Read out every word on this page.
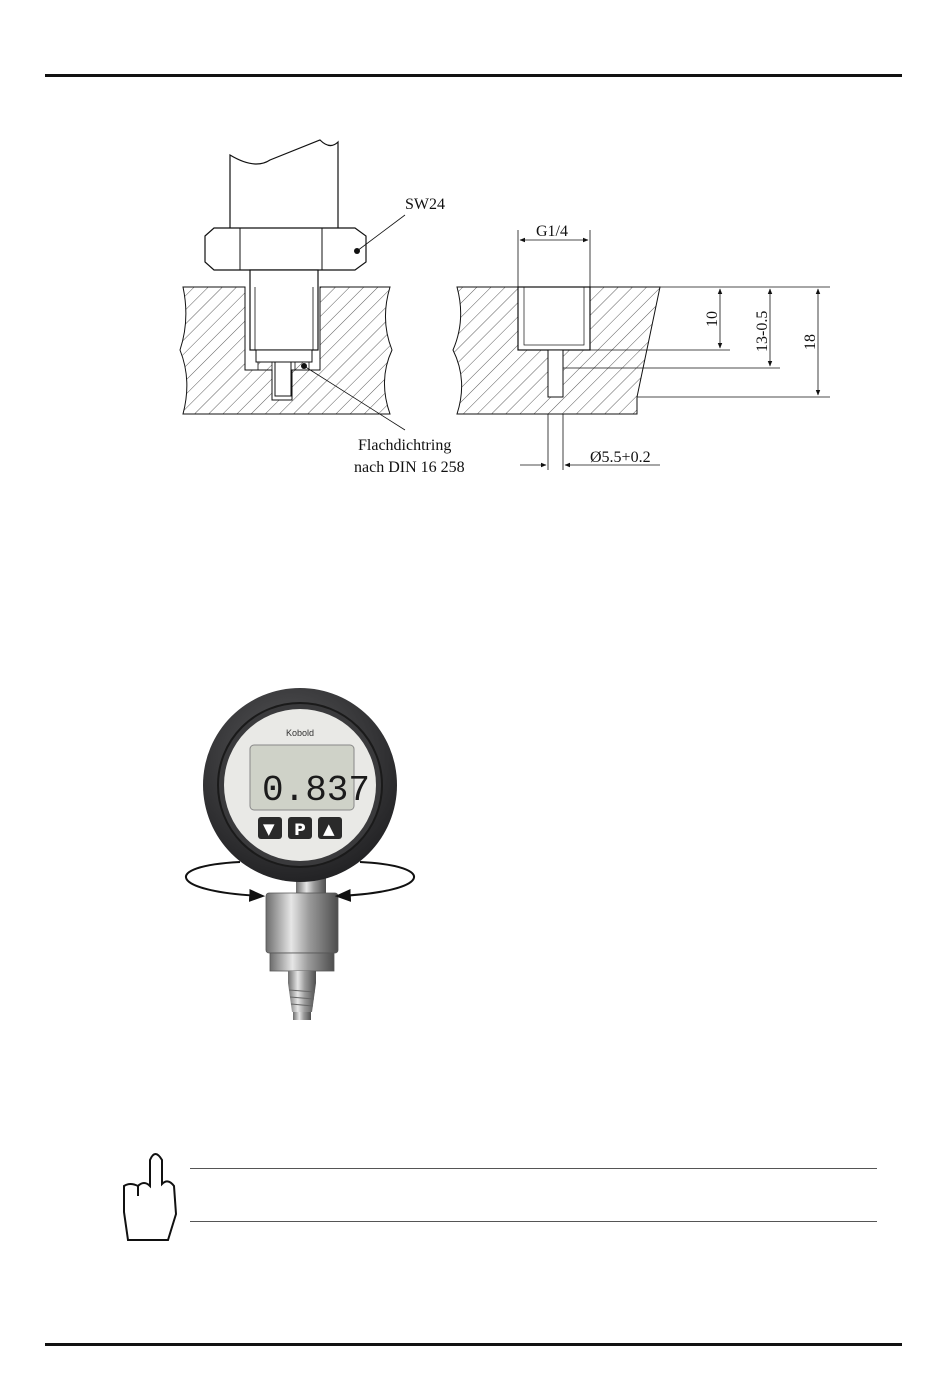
SW24
Flachdichtring
nach DIN 16 258
G1/4
10 13-0.5 18
Ø5.5+0.2
Kobold
0.837
▼ P ▲
